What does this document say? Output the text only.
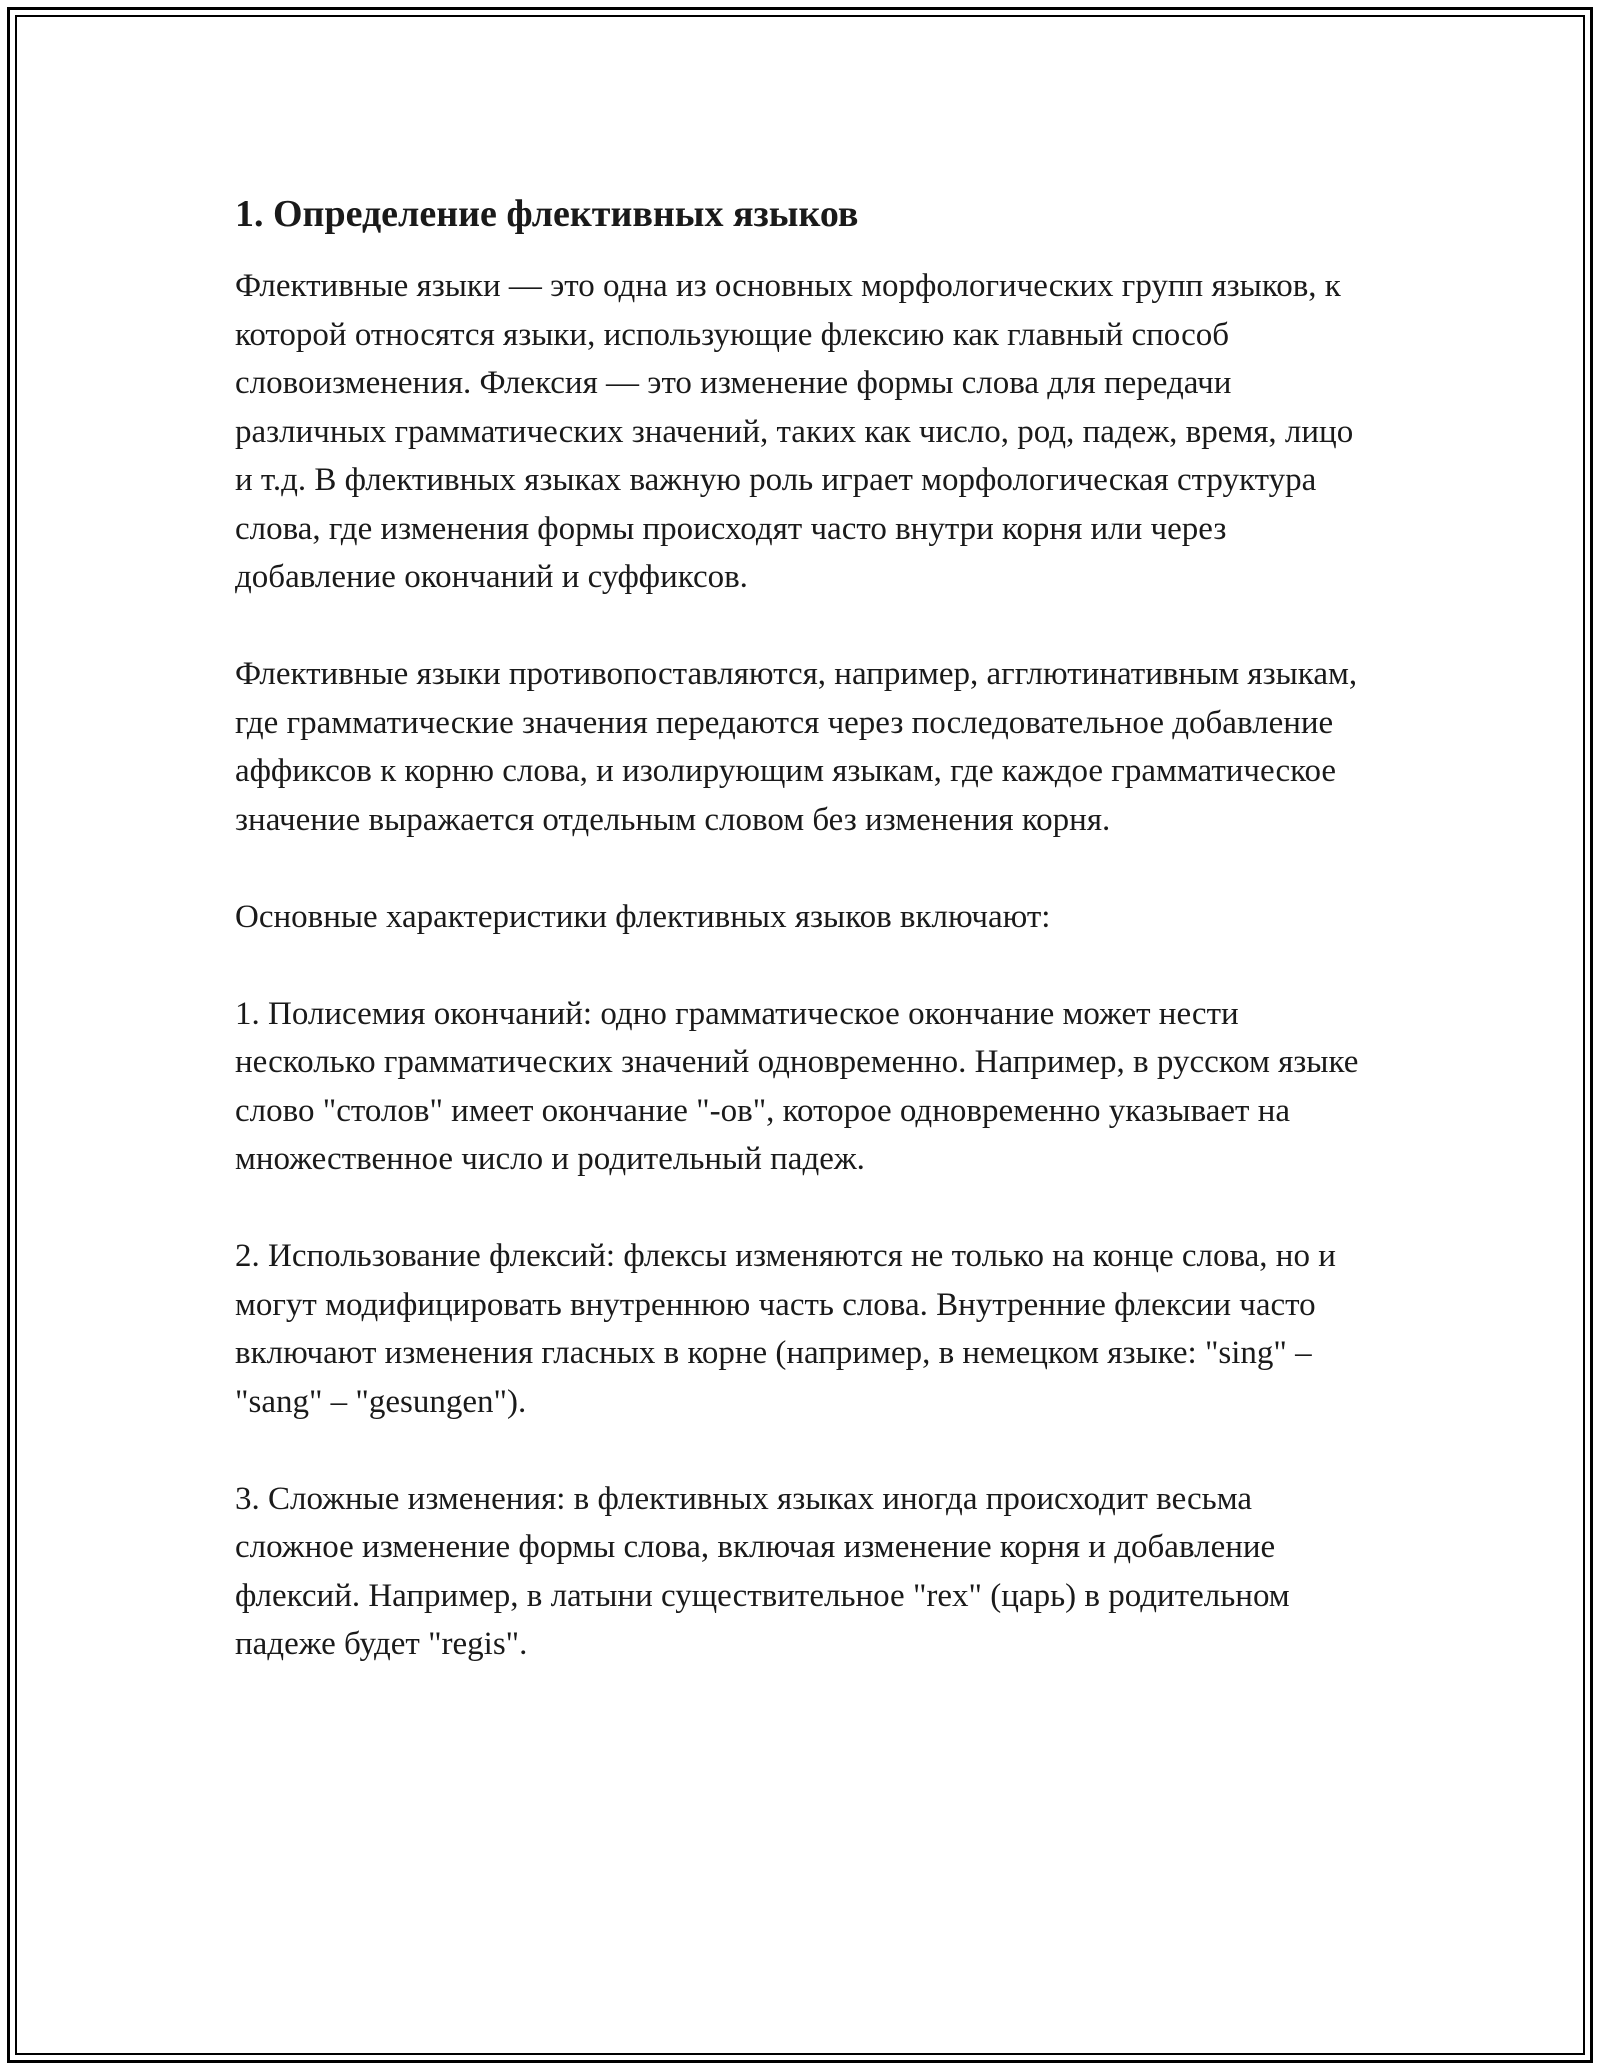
1. Определение флективных языков

Флективные языки — это одна из основных морфологических групп языков, к которой относятся языки, использующие флексию как главный способ словоизменения. Флексия — это изменение формы слова для передачи различных грамматических значений, таких как число, род, падеж, время, лицо и т.д. В флективных языках важную роль играет морфологическая структура слова, где изменения формы происходят часто внутри корня или через добавление окончаний и суффиксов.

Флективные языки противопоставляются, например, агглютинативным языкам, где грамматические значения передаются через последовательное добавление аффиксов к корню слова, и изолирующим языкам, где каждое грамматическое значение выражается отдельным словом без изменения корня.

Основные характеристики флективных языков включают:

1. Полисемия окончаний: одно грамматическое окончание может нести несколько грамматических значений одновременно. Например, в русском языке слово "столов" имеет окончание "-ов", которое одновременно указывает на множественное число и родительный падеж.

2. Использование флексий: флексы изменяются не только на конце слова, но и могут модифицировать внутреннюю часть слова. Внутренние флексии часто включают изменения гласных в корне (например, в немецком языке: "sing" – "sang" – "gesungen").

3. Сложные изменения: в флективных языках иногда происходит весьма сложное изменение формы слова, включая изменение корня и добавление флексий. Например, в латыни существительное "rex" (царь) в родительном падеже будет "regis".
